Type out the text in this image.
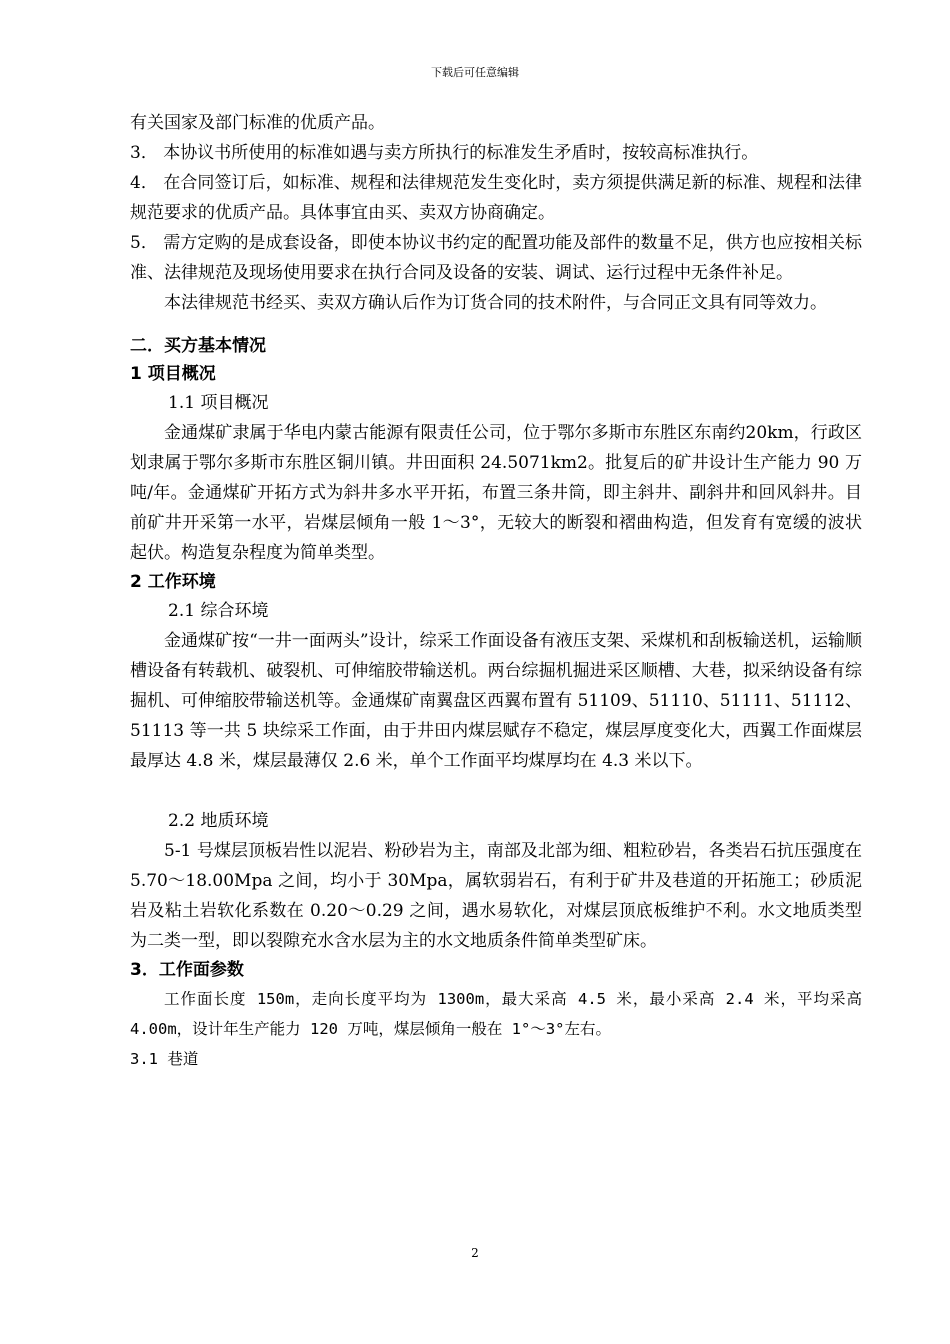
下载后可任意编辑

有关国家及部门标准的优质产品。

3． 本协议书所使用的标准如遇与卖方所执行的标准发生矛盾时，按较高标准执行。

4． 在合同签订后，如标准、规程和法律规范发生变化时，卖方须提供满足新的标准、规程和法律规范要求的优质产品。具体事宜由买、卖双方协商确定。

5． 需方定购的是成套设备，即使本协议书约定的配置功能及部件的数量不足，供方也应按相关标准、法律规范及现场使用要求在执行合同及设备的安装、调试、运行过程中无条件补足。

本法律规范书经买、卖双方确认后作为订货合同的技术附件，与合同正文具有同等效力。

二．买方基本情况

1 项目概况

1.1 项目概况

金通煤矿隶属于华电内蒙古能源有限责任公司，位于鄂尔多斯市东胜区东南约20km，行政区划隶属于鄂尔多斯市东胜区铜川镇。井田面积 24.5071km2。批复后的矿井设计生产能力 90 万吨/年。金通煤矿开拓方式为斜井多水平开拓，布置三条井筒，即主斜井、副斜井和回风斜井。目前矿井开采第一水平，岩煤层倾角一般 1～3°，无较大的断裂和褶曲构造，但发育有宽缓的波状起伏。构造复杂程度为简单类型。

2 工作环境

2.1 综合环境

金通煤矿按“一井一面两头”设计，综采工作面设备有液压支架、采煤机和刮板输送机，运输顺槽设备有转载机、破裂机、可伸缩胶带输送机。两台综掘机掘进采区顺槽、大巷，拟采纳设备有综掘机、可伸缩胶带输送机等。金通煤矿南翼盘区西翼布置有 51109、51110、51111、51112、51113 等一共 5 块综采工作面，由于井田内煤层赋存不稳定，煤层厚度变化大，西翼工作面煤层最厚达 4.8 米，煤层最薄仅 2.6 米，单个工作面平均煤厚均在 4.3 米以下。

2.2 地质环境

5-1 号煤层顶板岩性以泥岩、粉砂岩为主，南部及北部为细、粗粒砂岩，各类岩石抗压强度在 5.70～18.00Mpa 之间，均小于 30Mpa，属软弱岩石，有利于矿井及巷道的开拓施工；砂质泥岩及粘土岩软化系数在 0.20～0.29 之间，遇水易软化，对煤层顶底板维护不利。水文地质类型为二类一型，即以裂隙充水含水层为主的水文地质条件简单类型矿床。

3．工作面参数

工作面长度 150m，走向长度平均为 1300m，最大采高 4.5 米，最小采高 2.4 米，平均采高 4.00m，设计年生产能力 120 万吨，煤层倾角一般在 1°～3°左右。

3.1 巷道

2
